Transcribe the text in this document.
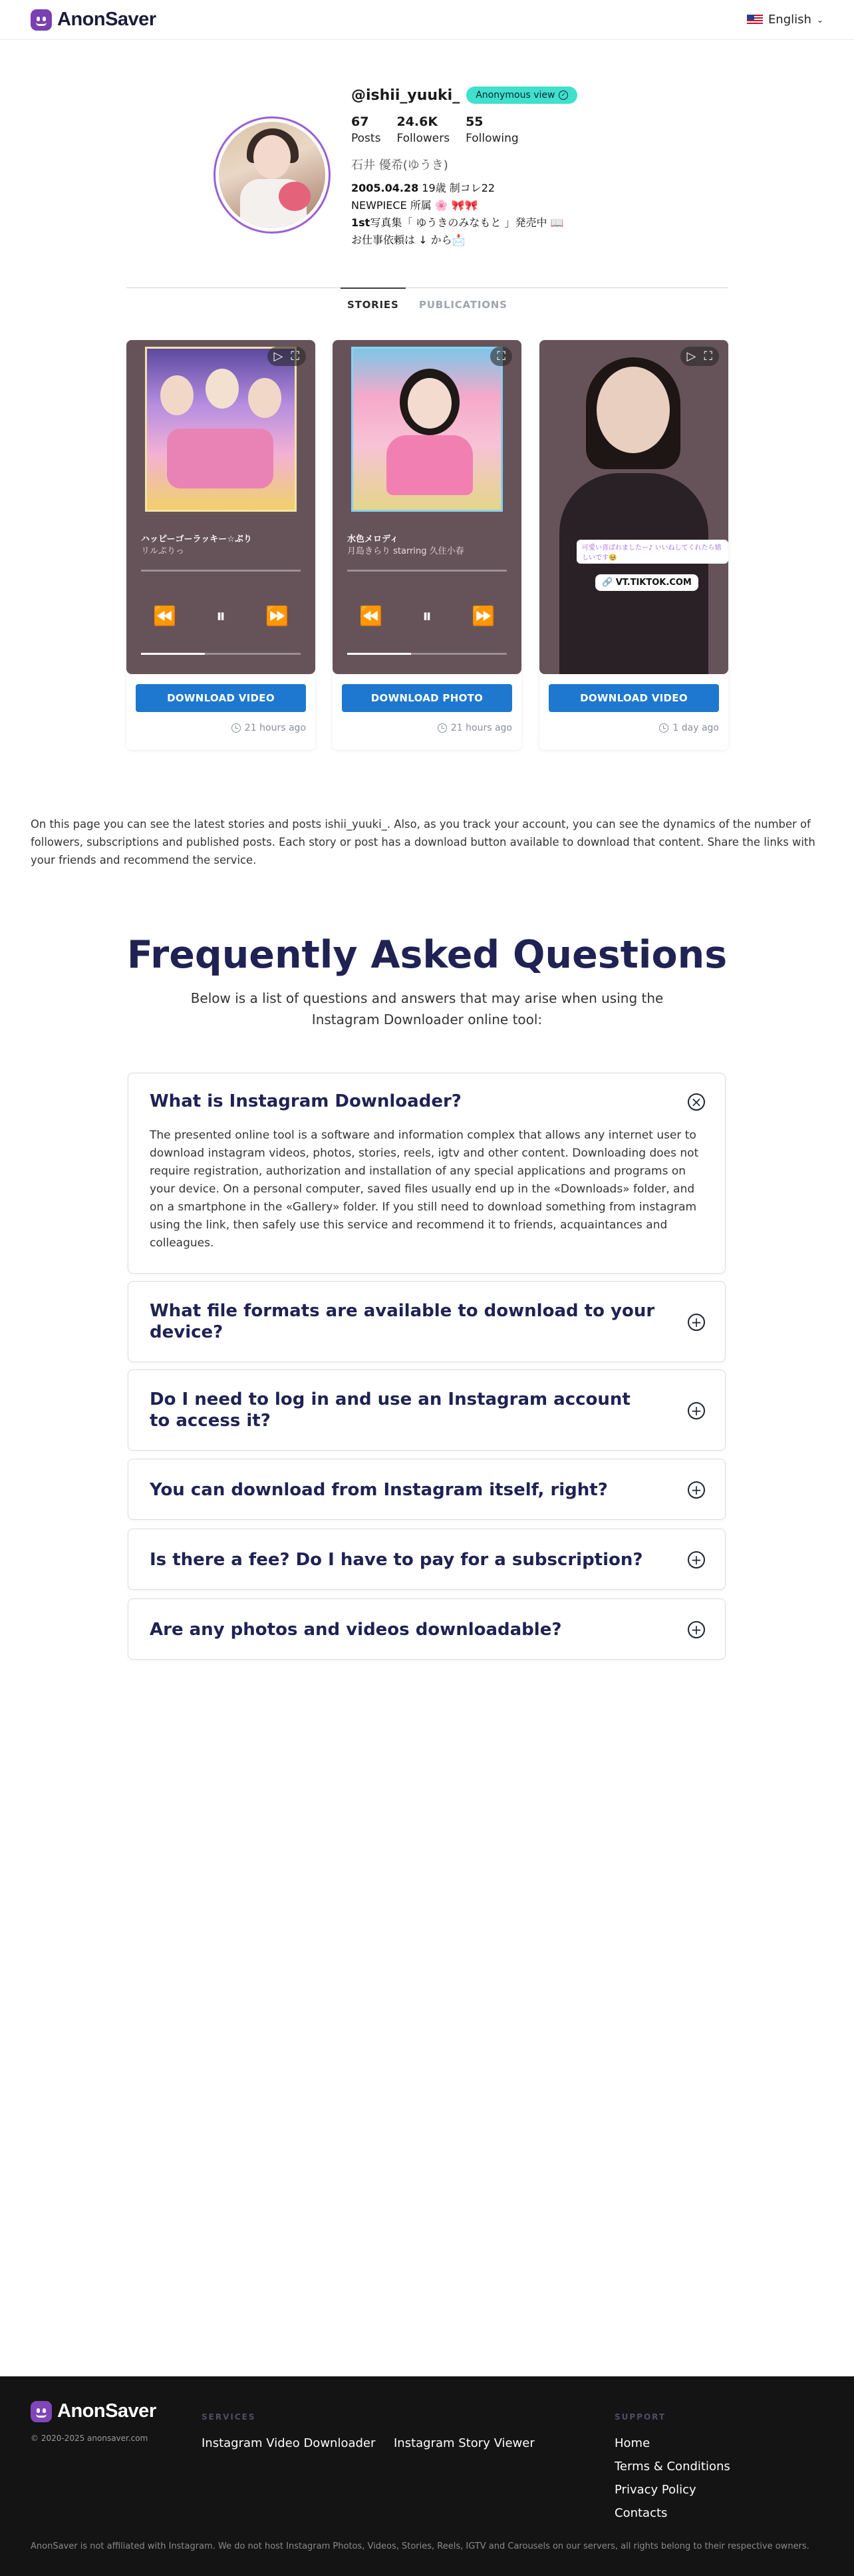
AnonSaver	English ⌄
@ishii_yuuki_ Anonymous view	✓
67
Posts
24.6K
Followers
55
Following
石井 優希(ゆうき)
2005.04.28 19歳 制コレ22
NEWPIECE 所属 🌸 🎀🎀
1st写真集「 ゆうきのみなもと 」発売中 📖
お仕事依頼は ↓ から📩
STORIES PUBLICATIONS
▷ ⛶
ハッピーゴーラッキー☆ぷり
リルぷりっ
⏪ ⏸ ⏩
DOWNLOAD VIDEO
21 hours ago
⛶
水色メロディ
月島きらり starring 久住小春
⏪ ⏸ ⏩
DOWNLOAD PHOTO
21 hours ago
▷ ⛶
可愛い喜ばれましたー♪ いいねしてくれたら嬉しいです🥹
🔗 VT.TIKTOK.COM
DOWNLOAD VIDEO
1 day ago

On this page you can see the latest stories and posts ishii_yuuki_. Also, as you track your account, you can see the dynamics of the number of followers, subscriptions and published posts. Each story or post has a download button available to download that content. Share the links with your friends and recommend the service.

Frequently Asked Questions

Below is a list of questions and answers that may arise when using the Instagram Downloader online tool:

What is Instagram Downloader?	×
The presented online tool is a software and information complex that allows any internet user to download instagram videos, photos, stories, reels, igtv and other content. Downloading does not require registration, authorization and installation of any special applications and programs on your device. On a personal computer, saved files usually end up in the «Downloads» folder, and on a smartphone in the «Gallery» folder. If you still need to download something from instagram using the link, then safely use this service and recommend it to friends, acquaintances and colleagues.
What file formats are available to download to your device?	+
Do I need to log in and use an Instagram account to access it?	+
You can download from Instagram itself, right?	+
Is there a fee? Do I have to pay for a subscription?	+
Are any photos and videos downloadable?	+
AnonSaver
© 2020-2025 anonsaver.com
SERVICES
Instagram Video Downloader Instagram Story Viewer
SUPPORT
Home
Terms & Conditions
Privacy Policy
Contacts
AnonSaver is not affiliated with Instagram. We do not host Instagram Photos, Videos, Stories, Reels, IGTV and Carousels on our servers, all rights belong to their respective owners.
